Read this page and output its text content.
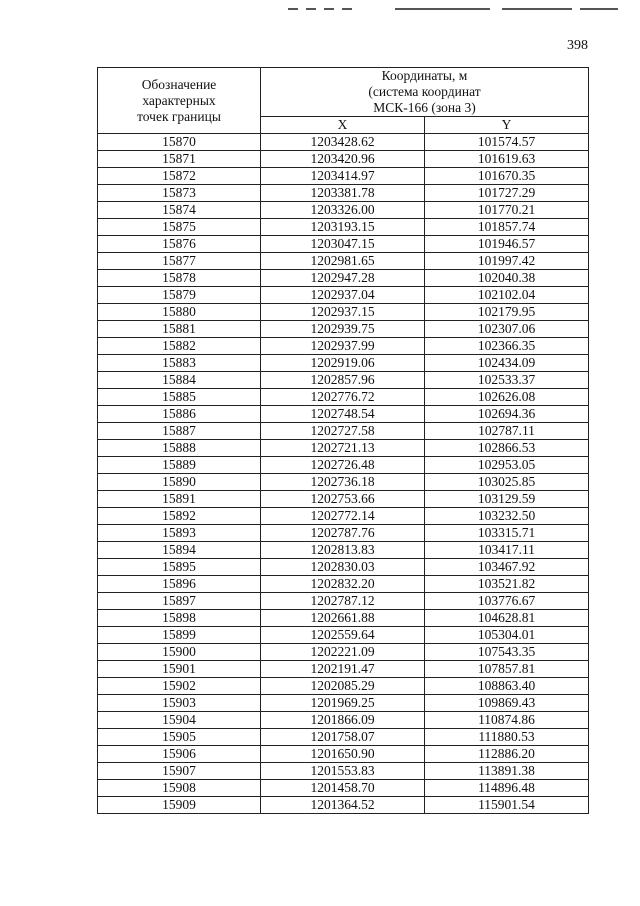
398
Обозначение
характерных
точек границы	Координаты, м
(система координат
МСК-166 (зона 3)	

	X	Y
15870	1203428.62	101574.57
15871	1203420.96	101619.63
15872	1203414.97	101670.35
15873	1203381.78	101727.29
15874	1203326.00	101770.21
15875	1203193.15	101857.74
15876	1203047.15	101946.57
15877	1202981.65	101997.42
15878	1202947.28	102040.38
15879	1202937.04	102102.04
15880	1202937.15	102179.95
15881	1202939.75	102307.06
15882	1202937.99	102366.35
15883	1202919.06	102434.09
15884	1202857.96	102533.37
15885	1202776.72	102626.08
15886	1202748.54	102694.36
15887	1202727.58	102787.11
15888	1202721.13	102866.53
15889	1202726.48	102953.05
15890	1202736.18	103025.85
15891	1202753.66	103129.59
15892	1202772.14	103232.50
15893	1202787.76	103315.71
15894	1202813.83	103417.11
15895	1202830.03	103467.92
15896	1202832.20	103521.82
15897	1202787.12	103776.67
15898	1202661.88	104628.81
15899	1202559.64	105304.01
15900	1202221.09	107543.35
15901	1202191.47	107857.81
15902	1202085.29	108863.40
15903	1201969.25	109869.43
15904	1201866.09	110874.86
15905	1201758.07	111880.53
15906	1201650.90	112886.20
15907	1201553.83	113891.38
15908	1201458.70	114896.48
15909	1201364.52	115901.54
